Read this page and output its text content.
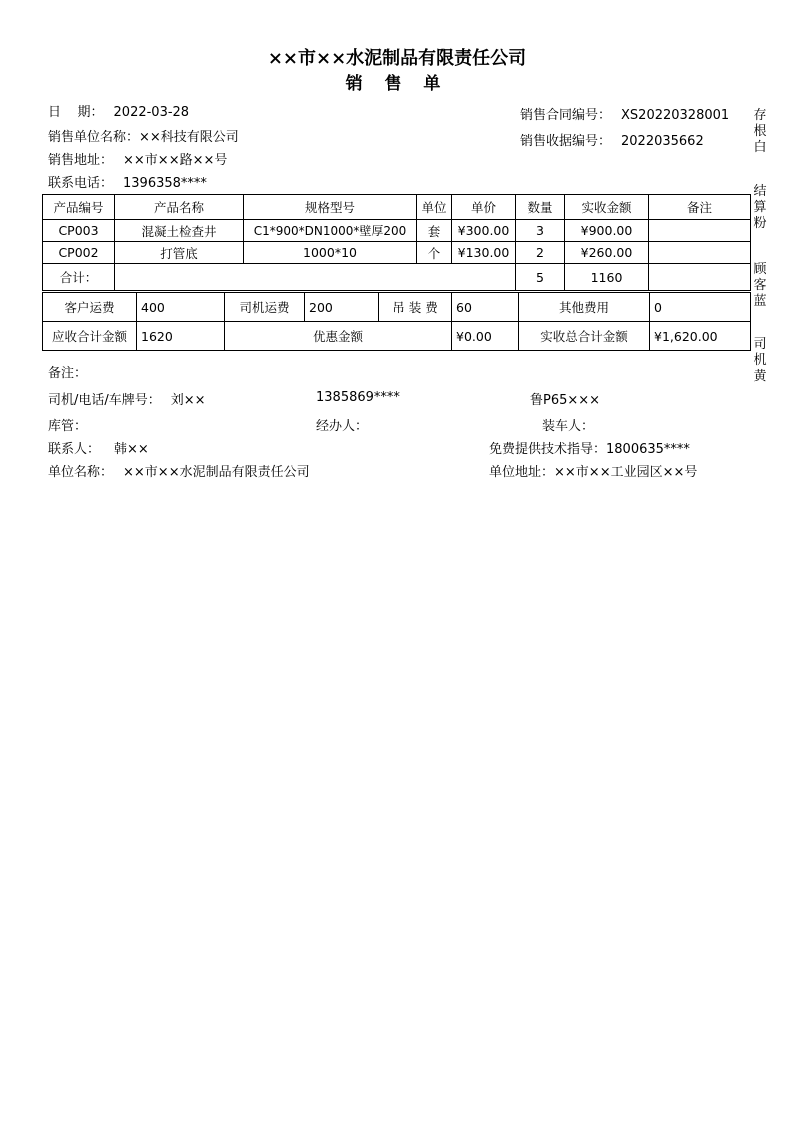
××市××水泥制品有限责任公司
销 售 单
日    期： 2022-03-28
销售单位名称：××科技有限公司
销售地址： ××市××路××号
联系电话： 1396358****
销售合同编号： XS20220328001
销售收据编号： 2022035662
产品编号	产品名称	规格型号	单位	单价	数量	实收金额	备注
CP003	混凝土检查井	C1*900*DN1000*壁厚200	套	¥300.00	3	¥900.00	
CP002	打管底	1000*10	个	¥130.00	2	¥260.00	
合计：					5	1160	
客户运费	400	司机运费	200	吊 装 费	60	其他费用	0
应收合计金额	1620	优惠金额			¥0.00	实收总合计金额	¥1,620.00
备注：
司机/电话/车牌号： 刘××	1385869****	鲁P65×××
库管：	经办人：	装车人：
联系人： 韩××	免费提供技术指导：1800635****
单位名称： ××市××水泥制品有限责任公司	单位地址：××市××工业园区××号
存根白
结算粉
顾客蓝
司机黄
